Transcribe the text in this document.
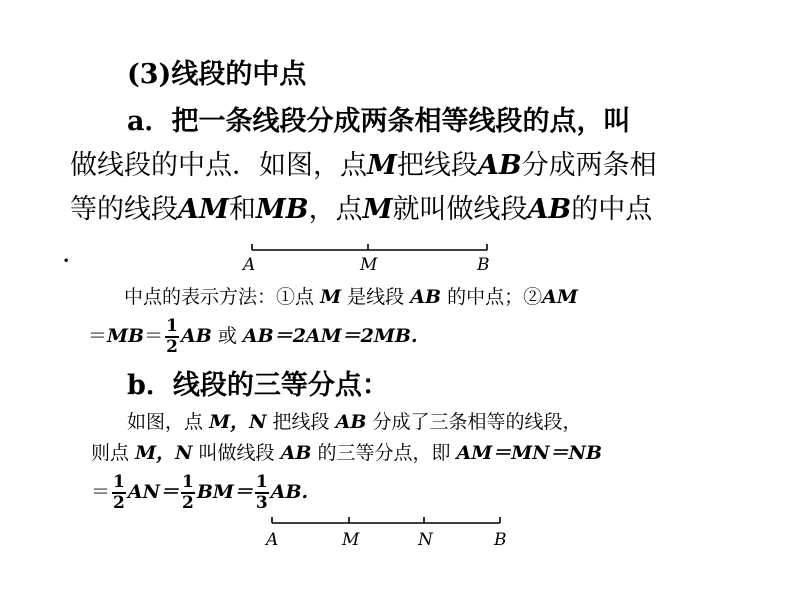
(3)线段的中点
a．把一条线段分成两条相等线段的点，叫
做线段的中点．如图，点M把线段AB分成两条相
等的线段AM和MB，点M就叫做线段AB的中点
．	A	M	B
A	M	N	B
中点的表示方法：①点 M 是线段 AB 的中点；②AM
$=MB= \frac{1}{2}$ AB 或 AB＝2AM＝2MB.
b．线段的三等分点：
如图，点 M，N 把线段 AB 分成了三条相等的线段，
则点 M，N 叫做线段 AB 的三等分点，即 AM＝MN＝NB
＝ $\frac{1}{2} AN= \frac{1}{2} BM= \frac{1}{3}$ AB.
